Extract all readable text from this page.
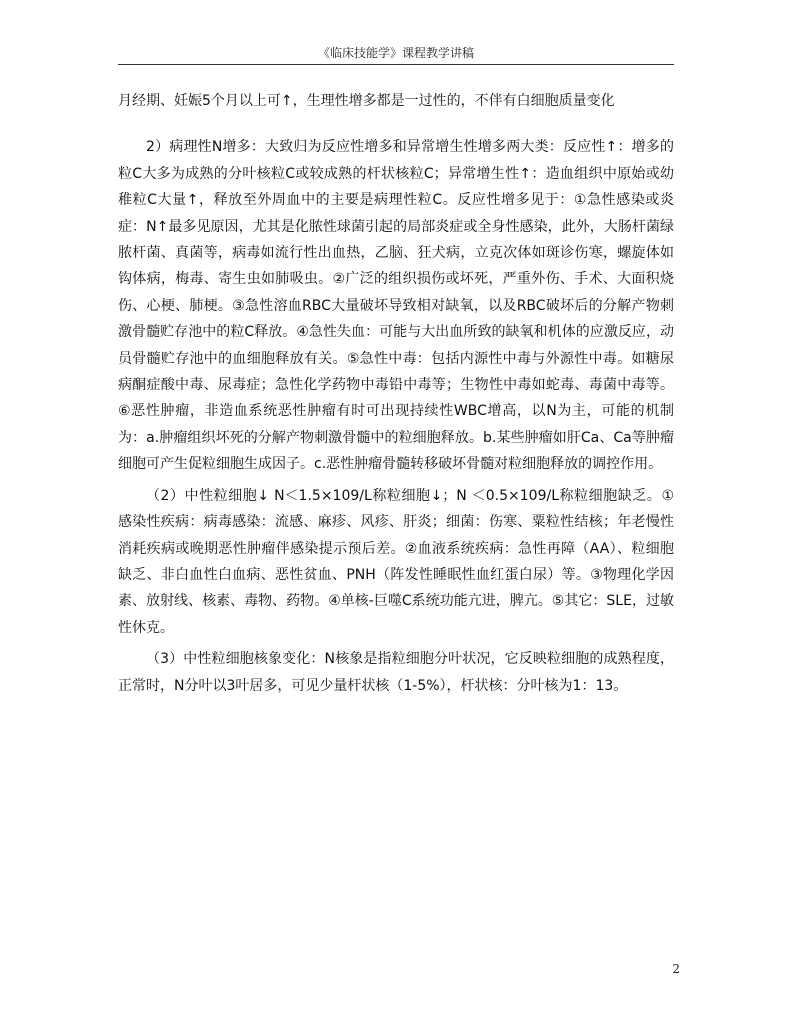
《临床技能学》课程教学讲稿

月经期、妊娠5个月以上可↑，生理性增多都是一过性的，不伴有白细胞质量变化

2）病理性N增多：大致归为反应性增多和异常增生性增多两大类：反应性↑：增多的粒C大多为成熟的分叶核粒C或较成熟的杆状核粒C；异常增生性↑：造血组织中原始或幼稚粒C大量↑，释放至外周血中的主要是病理性粒C。反应性增多见于：①急性感染或炎症：N↑最多见原因，尤其是化脓性球菌引起的局部炎症或全身性感染，此外，大肠杆菌绿脓杆菌、真菌等，病毒如流行性出血热，乙脑、狂犬病，立克次体如斑诊伤寒，螺旋体如钩体病，梅毒、寄生虫如肺吸虫。②广泛的组织损伤或坏死，严重外伤、手术、大面积烧伤、心梗、肺梗。③急性溶血RBC大量破坏导致相对缺氧，以及RBC破坏后的分解产物刺激骨髓贮存池中的粒C释放。④急性失血：可能与大出血所致的缺氧和机体的应激反应，动员骨髓贮存池中的血细胞释放有关。⑤急性中毒：包括内源性中毒与外源性中毒。如糖尿病酮症酸中毒、尿毒症；急性化学药物中毒铅中毒等；生物性中毒如蛇毒、毒菌中毒等。⑥恶性肿瘤，非造血系统恶性肿瘤有时可出现持续性WBC增高，以N为主，可能的机制为：a.肿瘤组织坏死的分解产物刺激骨髓中的粒细胞释放。b.某些肿瘤如肝Ca、Ca等肿瘤细胞可产生促粒细胞生成因子。c.恶性肿瘤骨髓转移破坏骨髓对粒细胞释放的调控作用。

（2）中性粒细胞↓ N＜1.5×109/L称粒细胞↓；N ＜0.5×109/L称粒细胞缺乏。①感染性疾病：病毒感染：流感、麻疹、风疹、肝炎；细菌：伤寒、粟粒性结核；年老慢性消耗疾病或晚期恶性肿瘤伴感染提示预后差。②血液系统疾病：急性再障（AA）、粒细胞缺乏、非白血性白血病、恶性贫血、PNH（阵发性睡眠性血红蛋白尿）等。③物理化学因素、放射线、核素、毒物、药物。④单核-巨噬C系统功能亢进，脾亢。⑤其它：SLE，过敏性休克。

（3）中性粒细胞核象变化：N核象是指粒细胞分叶状况，它反映粒细胞的成熟程度，正常时，N分叶以3叶居多，可见少量杆状核（1-5%），杆状核：分叶核为1：13。

2
